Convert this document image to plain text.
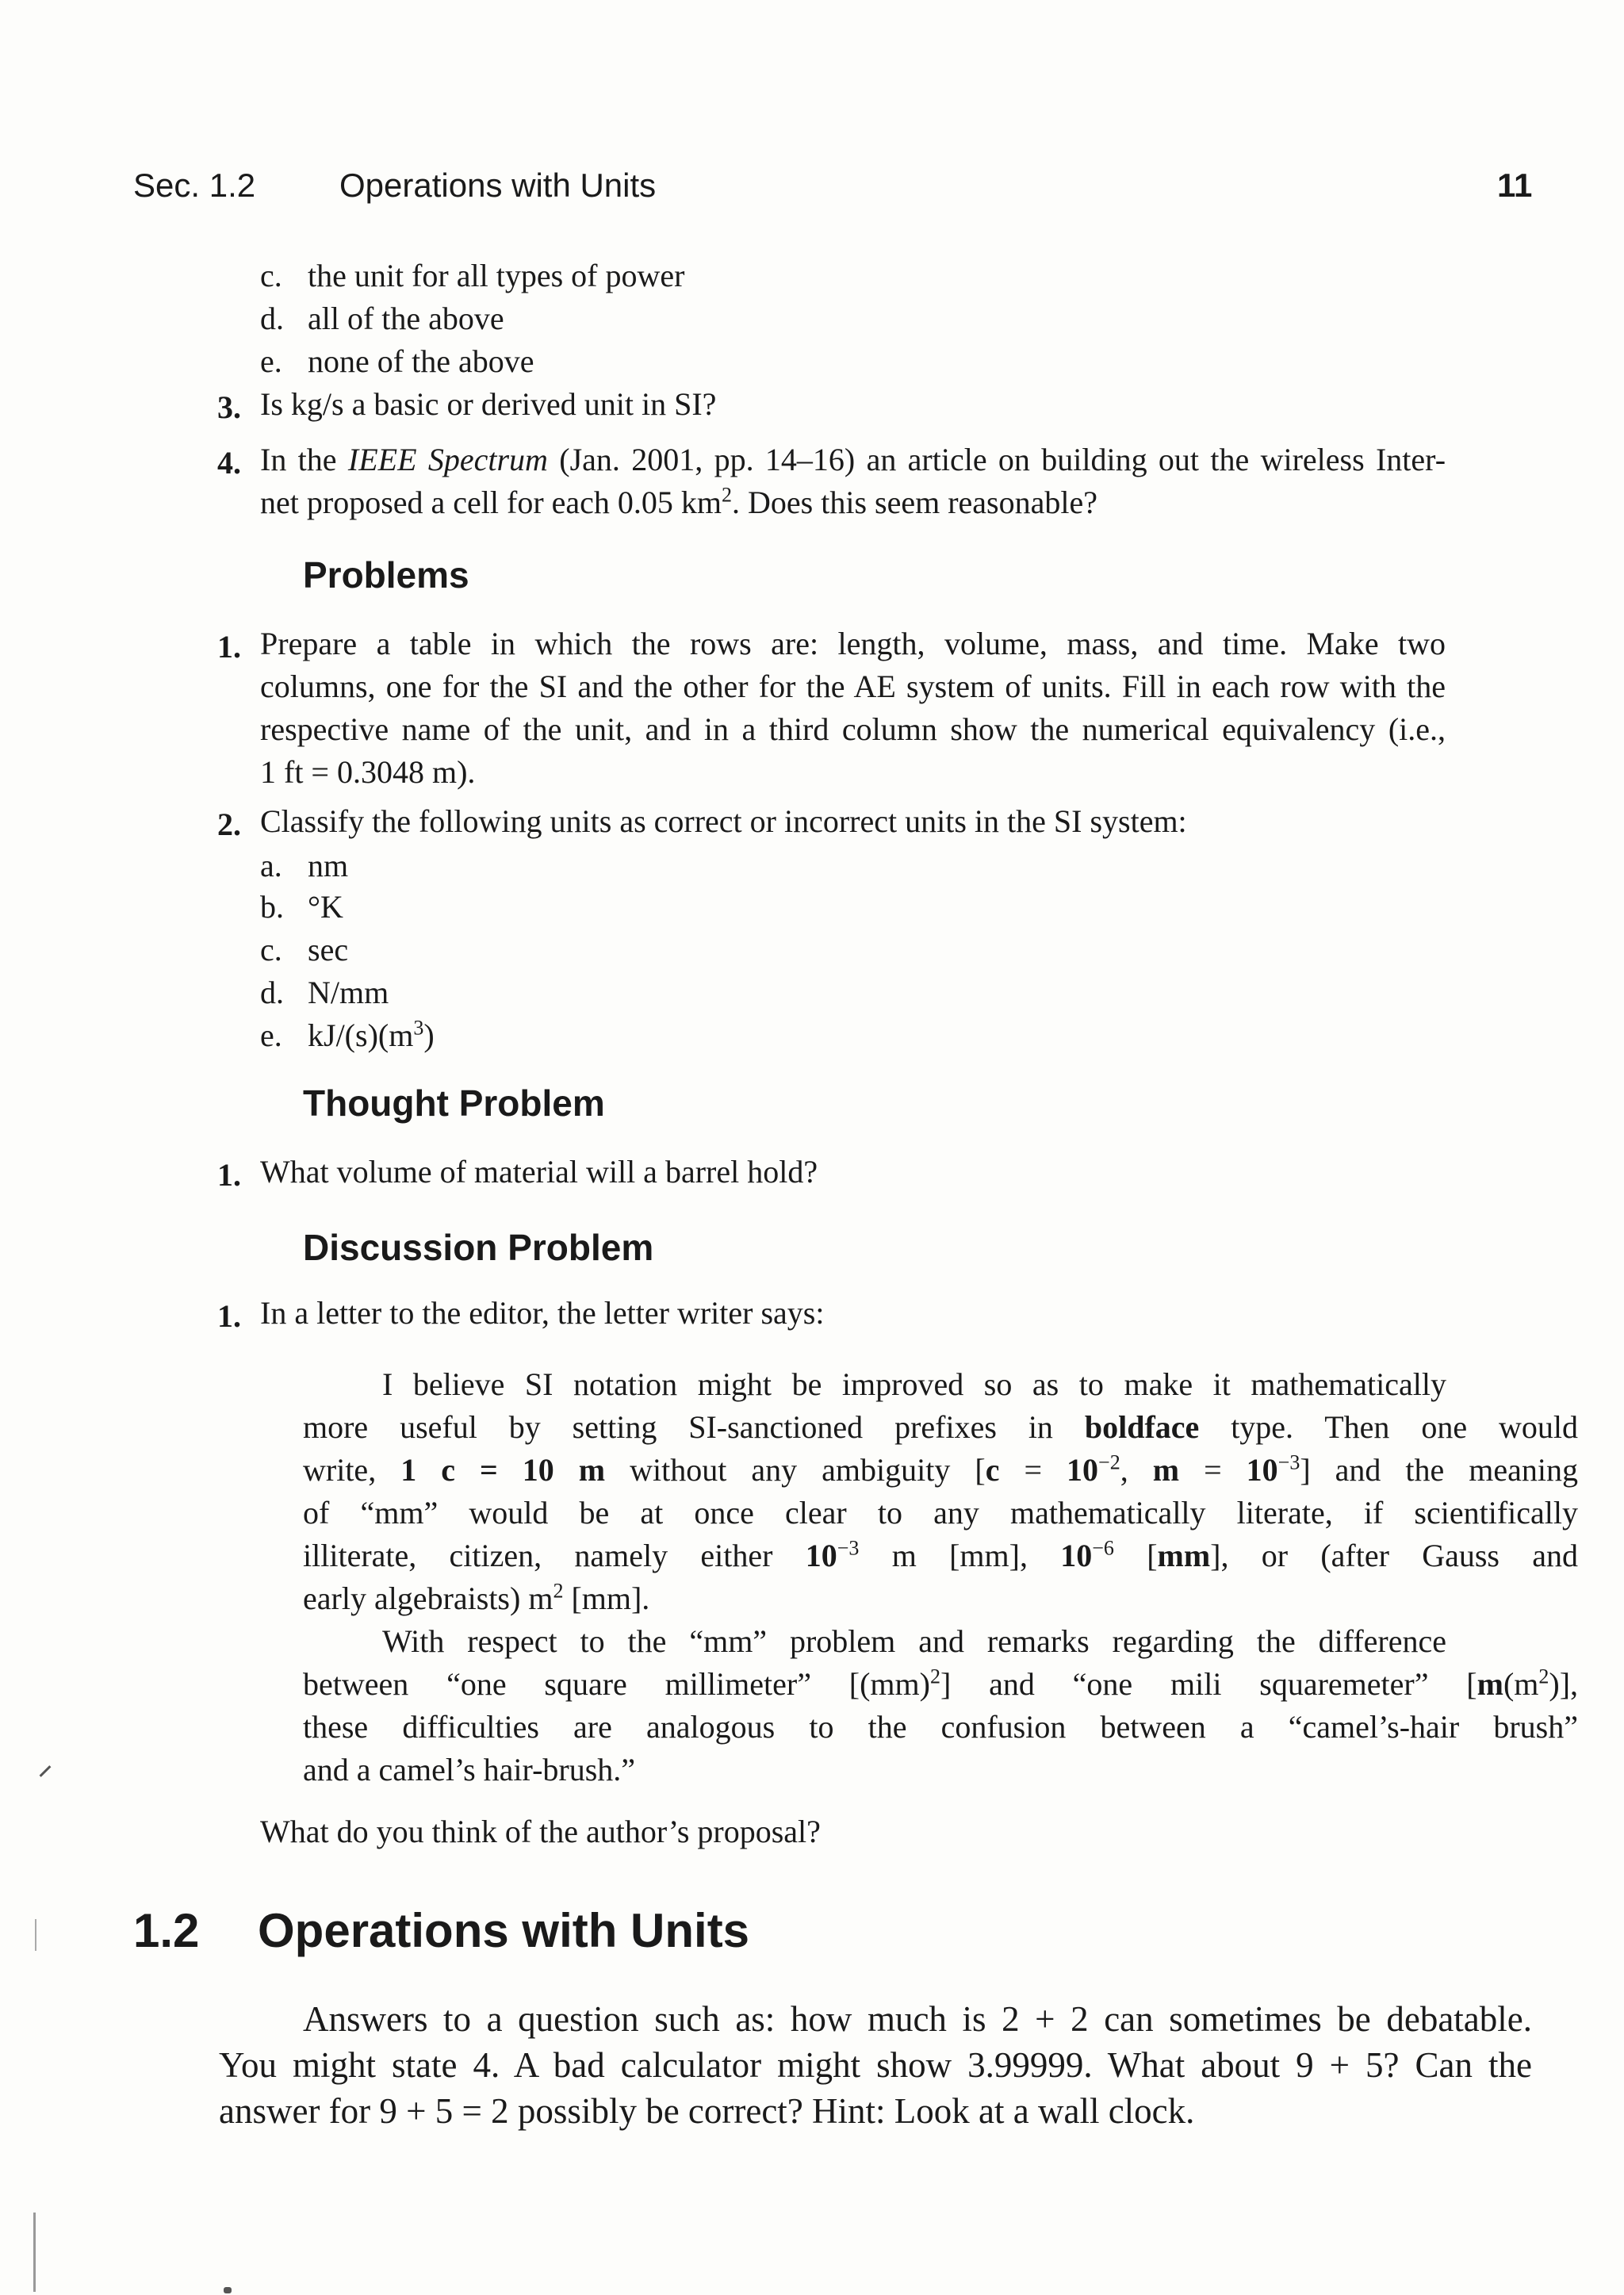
Sec. 1.2	Operations with Units	11
c. the unit for all types of power
d. all of the above
e. none of the above
3. Is kg/s a basic or derived unit in SI?
4. In the IEEE Spectrum (Jan. 2001, pp. 14–16) an article on building out the wireless Inter-
net proposed a cell for each 0.05 $km^2$. Does this seem reasonable?
Problems
1. Prepare a table in which the rows are: length, volume, mass, and time. Make two
columns, one for the SI and the other for the AE system of units. Fill in each row with the
respective name of the unit, and in a third column show the numerical equivalency (i.e.,
1 ft = 0.3048 m).
2. Classify the following units as correct or incorrect units in the SI system:
a. nm
b. °K
c. sec
d. N/mm
e. $kJ/(s)(m^3)$
Thought Problem
1. What volume of material will a barrel hold?
Discussion Problem
1. In a letter to the editor, the letter writer says:
I believe SI notation might be improved so as to make it mathematically
more useful by setting SI-sanctioned prefixes in boldface type. Then one would
write, 1 c = 10 m without any ambiguity [$c = 10^{-2}$, $m = 10^{-3}$] and the meaning
of “mm” would be at once clear to any mathematically literate, if scientifically
illiterate, citizen, namely either $10^{-3}$ m [mm], $10^{-6}$ [mm], or (after Gauss and
early algebraists) $m^2$ [mm].
With respect to the “mm” problem and remarks regarding the difference
between “one square millimeter” [(mm)$^2$] and “one mili squaremeter” $[m(m^2)]$,
these difficulties are analogous to the confusion between a “camel’s-hair brush”
and a camel’s hair-brush.”
What do you think of the author’s proposal?
1.2 Operations with Units
Answers to a question such as: how much is 2 + 2 can sometimes be debatable.
You might state 4. A bad calculator might show 3.99999. What about 9 + 5? Can the
answer for 9 + 5 = 2 possibly be correct? Hint: Look at a wall clock.
